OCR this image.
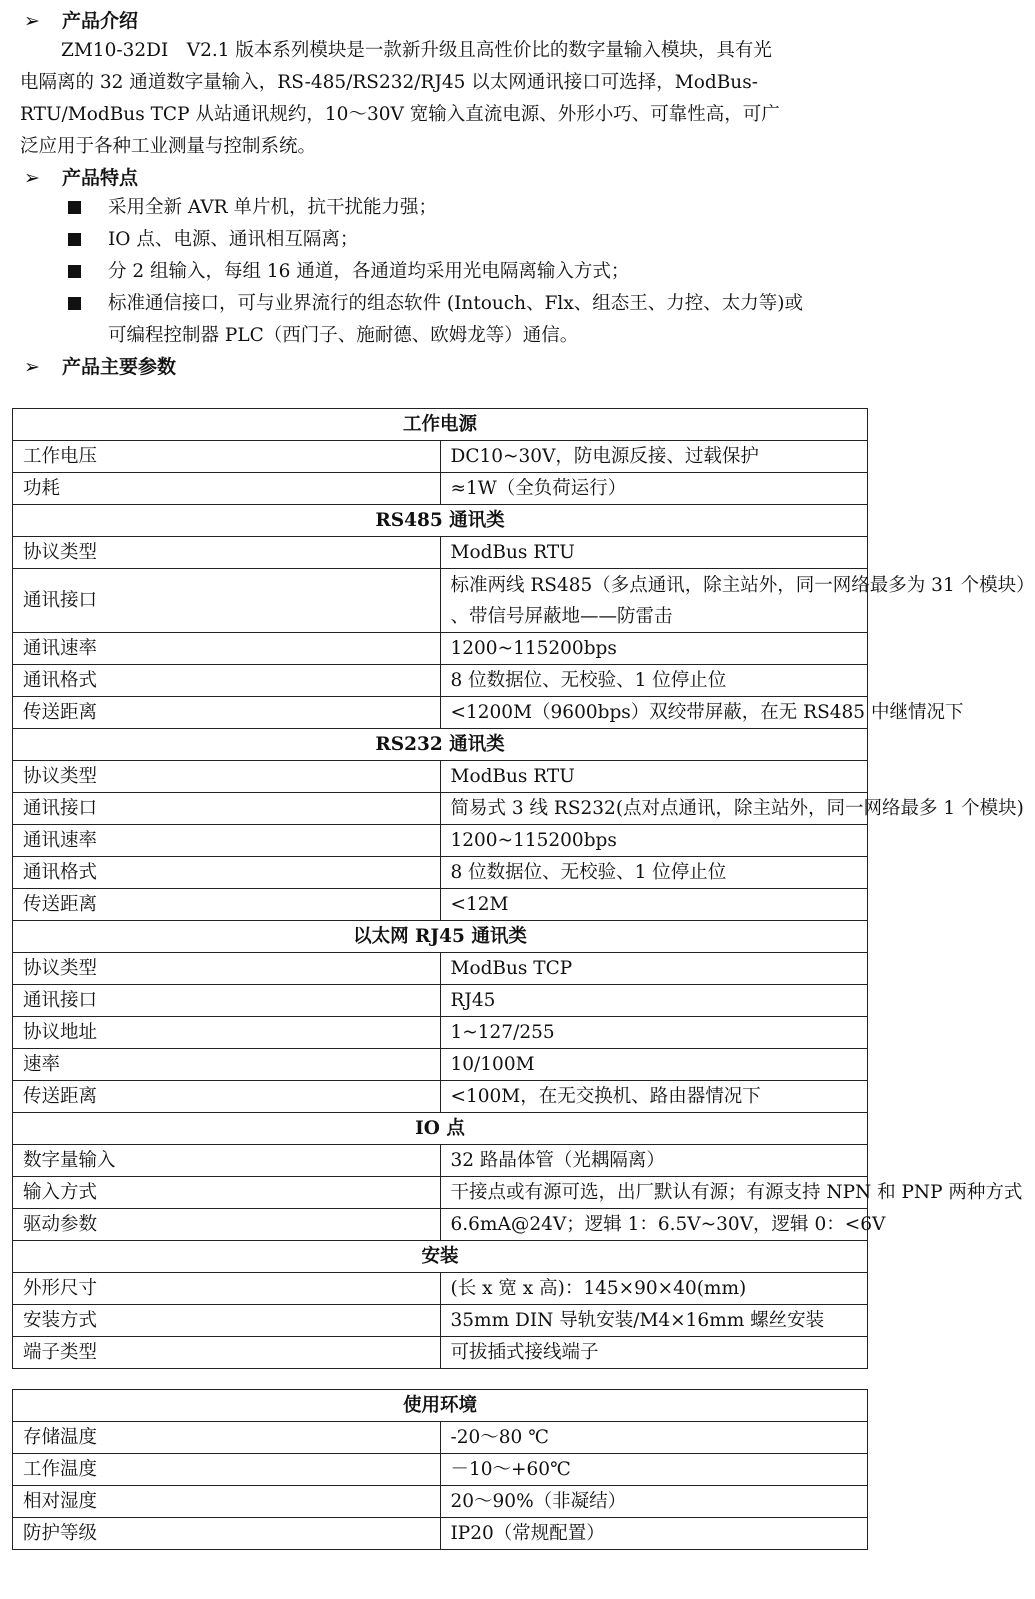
➢ 产品介绍
ZM10-32DI　V2.1 版本系列模块是一款新升级且高性价比的数字量输入模块，具有光
电隔离的 32 通道数字量输入，RS-485/RS232/RJ45 以太网通讯接口可选择，ModBus-
RTU/ModBus TCP 从站通讯规约，10～30V 宽输入直流电源、外形小巧、可靠性高，可广
泛应用于各种工业测量与控制系统。
➢ 产品特点
采用全新 AVR 单片机，抗干扰能力强；
IO 点、电源、通讯相互隔离；
分 2 组输入，每组 16 通道，各通道均采用光电隔离输入方式；
标准通信接口，可与业界流行的组态软件 (Intouch、Flx、组态王、力控、太力等)或
可编程控制器 PLC（西门子、施耐德、欧姆龙等）通信。
➢ 产品主要参数
工作电源	
工作电压	DC10~30V，防电源反接、过载保护

功耗	≈1W（全负荷运行）

RS485 通讯类	
协议类型	ModBus RTU

通讯接口	标准两线 RS485（多点通讯，除主站外，同一网络最多为 31 个模块）
、带信号屏蔽地——防雷击

通讯速率	1200~115200bps

通讯格式	8 位数据位、无校验、1 位停止位

传送距离	<1200M（9600bps）双绞带屏蔽，在无 RS485 中继情况下

RS232 通讯类	
协议类型	ModBus RTU

通讯接口	简易式 3 线 RS232(点对点通讯，除主站外，同一网络最多 1 个模块)

通讯速率	1200~115200bps

通讯格式	8 位数据位、无校验、1 位停止位

传送距离	<12M

以太网 RJ45 通讯类	
协议类型	ModBus TCP

通讯接口	RJ45

协议地址	1~127/255

速率	10/100M

传送距离	<100M，在无交换机、路由器情况下

IO 点	
数字量输入	32 路晶体管（光耦隔离）

输入方式	干接点或有源可选，出厂默认有源；有源支持 NPN 和 PNP 两种方式

驱动参数	6.6mA@24V；逻辑 1：6.5V~30V，逻辑 0：<6V

安装	
外形尺寸	(长 x 宽 x 高)：145×90×40(mm)

安装方式	35mm DIN 导轨安装/M4×16mm 螺丝安装

端子类型	可拔插式接线端子
使用环境	
存储温度	-20～80 ℃

工作温度	－10～+60℃

相对湿度	20～90%（非凝结）

防护等级	IP20（常规配置）
